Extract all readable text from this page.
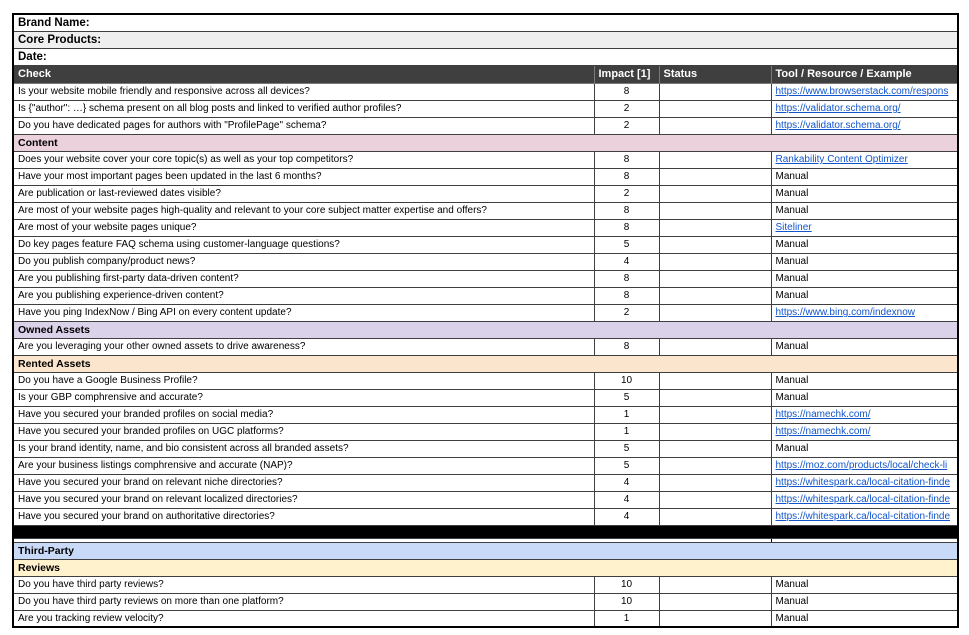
Brand Name:			
Core Products:			
Date:			
Check	Impact [1]	Status	Tool / Resource / Example
Is your website mobile friendly and responsive across all devices?	8		https://www.browserstack.com/respons
Is {"author": …} schema present on all blog posts and linked to verified author profiles?	2		https://validator.schema.org/
Do you have dedicated pages for authors with "ProfilePage" schema?	2		https://validator.schema.org/
Content			
Does your website cover your core topic(s) as well as your top competitors?	8		Rankability Content Optimizer
Have your most important pages been updated in the last 6 months?	8		Manual
Are publication or last-reviewed dates visible?	2		Manual
Are most of your website pages high-quality and relevant to your core subject matter expertise and offers?	8		Manual
Are most of your website pages unique?	8		Siteliner
Do key pages feature FAQ schema using customer-language questions?	5		Manual
Do you publish company/product news?	4		Manual
Are you publishing first-party data-driven content?	8		Manual
Are you publishing experience-driven content?	8		Manual
Have you ping IndexNow / Bing API on every content update?	2		https://www.bing.com/indexnow
Owned Assets			
Are you leveraging your other owned assets to drive awareness?	8		Manual
Rented Assets			
Do you have a Google Business Profile?	10		Manual
Is your GBP comphrensive and accurate?	5		Manual
Have you secured your branded profiles on social media?	1		https://namechk.com/
Have you secured your branded profiles on UGC platforms?	1		https://namechk.com/
Is your brand identity, name, and bio consistent across all branded assets?	5		Manual
Are your business listings comphrensive and accurate (NAP)?	5		https://moz.com/products/local/check-li
Have you secured your brand on relevant niche directories?	4		https://whitespark.ca/local-citation-finde
Have you secured your brand on relevant localized directories?	4		https://whitespark.ca/local-citation-finde
Have you secured your brand on authoritative directories?	4		https://whitespark.ca/local-citation-finde

Third-Party			
Reviews			
Do you have third party reviews?	10		Manual
Do you have third party reviews on more than one platform?	10		Manual
Are you tracking review velocity?	1		Manual
